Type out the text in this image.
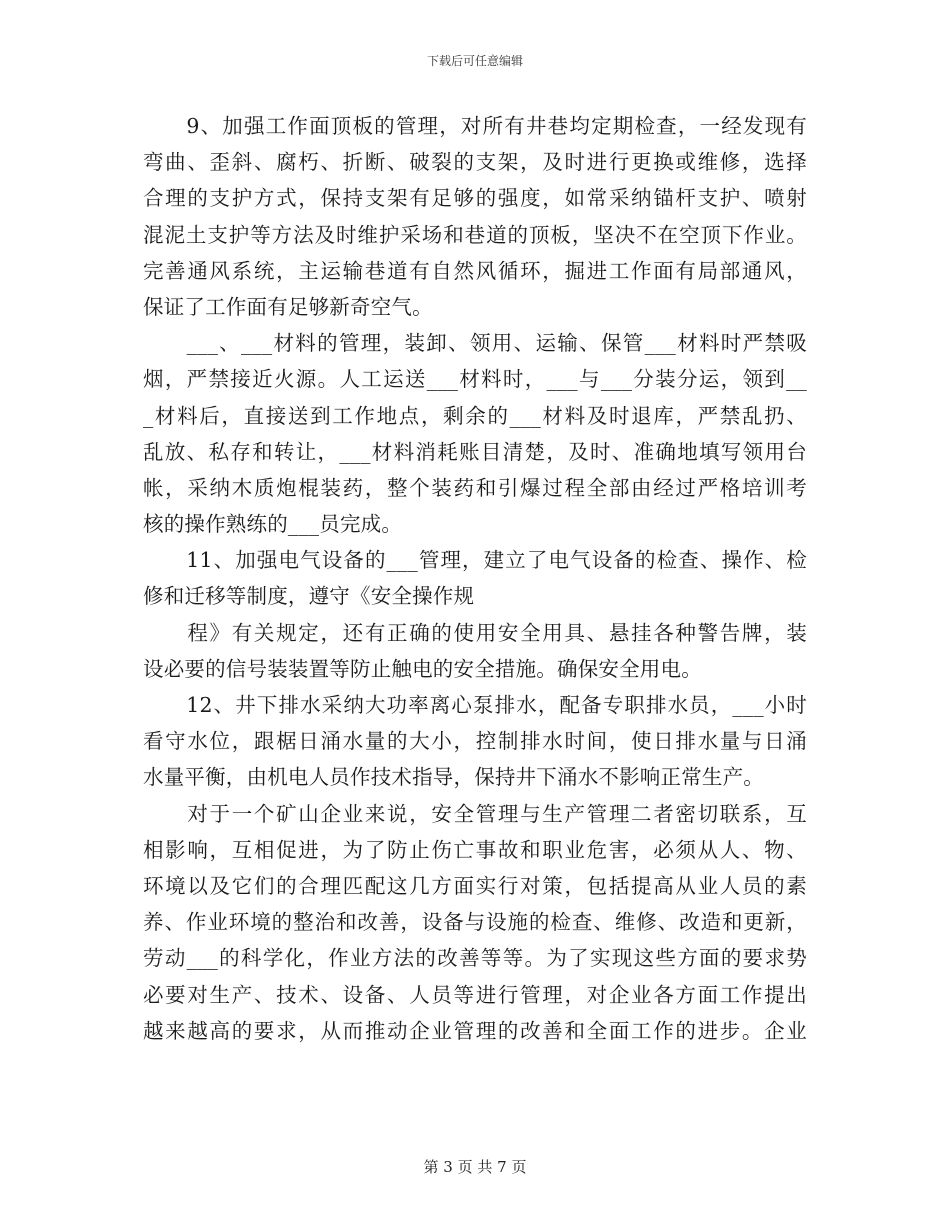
下载后可任意编辑
　　9、加强工作面顶板的管理，对所有井巷均定期检查，一经发现有
弯曲、歪斜、腐朽、折断、破裂的支架，及时进行更换或维修，选择
合理的支护方式，保持支架有足够的强度，如常采纳锚杆支护、喷射
混泥土支护等方法及时维护采场和巷道的顶板，坚决不在空顶下作业。
完善通风系统，主运输巷道有自然风循环，掘进工作面有局部通风，
保证了工作面有足够新奇空气。
　　___、___材料的管理，装卸、领用、运输、保管___材料时严禁吸
烟，严禁接近火源。人工运送___材料时，___与___分装分运，领到__
_材料后，直接送到工作地点，剩余的___材料及时退库，严禁乱扔、
乱放、私存和转让，___材料消耗账目清楚，及时、准确地填写领用台
帐，采纳木质炮棍装药，整个装药和引爆过程全部由经过严格培训考
核的操作熟练的___员完成。
　　11、加强电气设备的___管理，建立了电气设备的检查、操作、检
修和迁移等制度，遵守《安全操作规
　　程》有关规定，还有正确的使用安全用具、悬挂各种警告牌，装
设必要的信号装装置等防止触电的安全措施。确保安全用电。
　　12、井下排水采纳大功率离心泵排水，配备专职排水员，___小时
看守水位，跟椐日涌水量的大小，控制排水时间，使日排水量与日涌
水量平衡，由机电人员作技术指导，保持井下涌水不影响正常生产。
　　对于一个矿山企业来说，安全管理与生产管理二者密切联系，互
相影响，互相促进，为了防止伤亡事故和职业危害，必须从人、物、
环境以及它们的合理匹配这几方面实行对策，包括提高从业人员的素
养、作业环境的整治和改善，设备与设施的检查、维修、改造和更新，
劳动___的科学化，作业方法的改善等等。为了实现这些方面的要求势
必要对生产、技术、设备、人员等进行管理，对企业各方面工作提出
越来越高的要求，从而推动企业管理的改善和全面工作的进步。企业
第 3 页 共 7 页
